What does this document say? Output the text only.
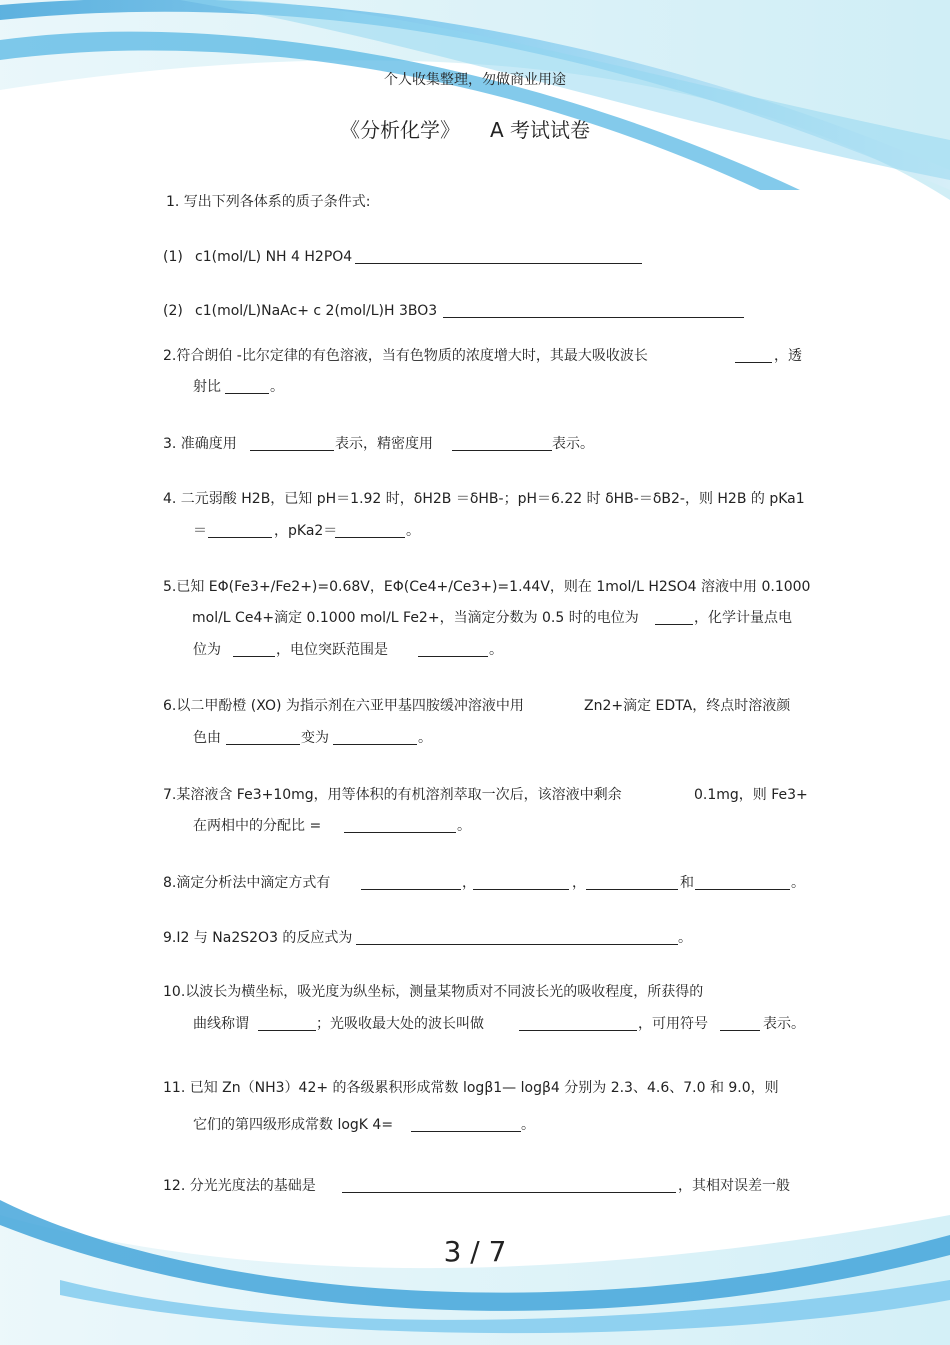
个人收集整理，勿做商业用途
《分析化学》 A 考试试卷
1. 写出下列各体系的质子条件式:
(1) c1(mol/L) NH 4 H2PO4
(2) c1(mol/L)NaAc+ c 2(mol/L)H 3BO3
2.符合朗伯 -比尔定律的有色溶液，当有色物质的浓度增大时，其最大吸收波长	，透
射比	。
3. 准确度用	表示，精密度用	表示。
4. 二元弱酸 H2B，已知 pH＝1.92 时，δH2B ＝δHB-；pH＝6.22 时 δHB-＝δB2-，则 H2B 的 pKa1
＝	，pKa2＝	。
5.已知 EΦ(Fe3+/Fe2+)=0.68V，EΦ(Ce4+/Ce3+)=1.44V，则在 1mol/L H2SO4 溶液中用 0.1000
mol/L Ce4+滴定 0.1000 mol/L Fe2+，当滴定分数为 0.5 时的电位为	，化学计量点电
位为	，电位突跃范围是	。
6.以二甲酚橙 (XO) 为指示剂在六亚甲基四胺缓冲溶液中用	Zn2+滴定 EDTA，终点时溶液颜
色由	变为	。
7.某溶液含 Fe3+10mg，用等体积的有机溶剂萃取一次后，该溶液中剩余	0.1mg，则 Fe3+
在两相中的分配比 =	。
8.滴定分析法中滴定方式有	，	，	和	。
9.I2 与 Na2S2O3 的反应式为	。
10.以波长为横坐标，吸光度为纵坐标，测量某物质对不同波长光的吸收程度，所获得的
曲线称谓	；光吸收最大处的波长叫做	，可用符号	表示。
11. 已知 Zn（NH3）42+ 的各级累积形成常数 logβ1— logβ4 分别为 2.3、4.6、7.0 和 9.0，则
它们的第四级形成常数 logK 4=	。
12. 分光光度法的基础是	，其相对误差一般
3 / 7
